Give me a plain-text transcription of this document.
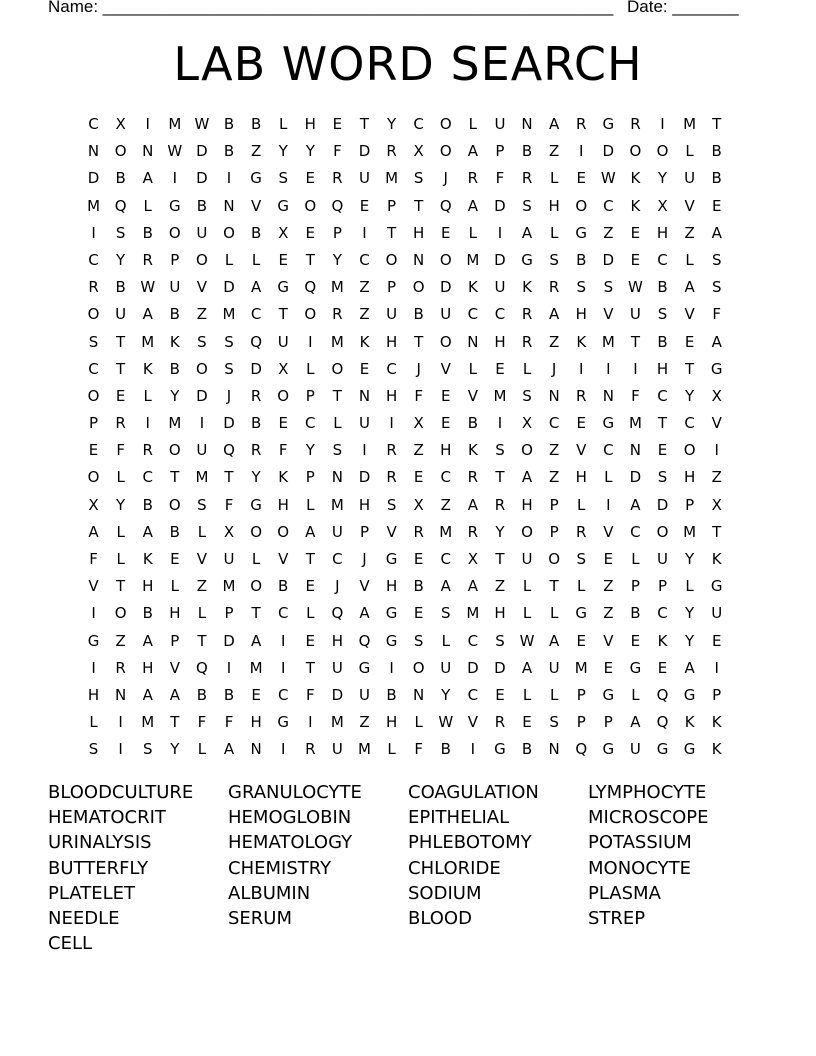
Name: ______________________________________________________ Date: _______
LAB WORD SEARCH
C	X	I	M W B	B	L	H	E	T	Y	C	O	L	U	N	A	R	G	R	I	M	T
N	O	N W D	B	Z	Y	Y	F	D	R	X	O	A	P	B	Z	I	D	O	O	L	B
D	B	A	I	D	I	G	S	E	R	U	M	S	J	R	F	R	L	E W K	Y	U	B
M Q	L	G	B	N	V	G	O	Q	E	P	T	Q	A	D	S	H	O	C	K	X	V	E
I	S	B	O	U	O	B	X	E	P	I	T	H	E	L	I	A	L	G	Z	E	H	Z	A
C	Y	R	P	O	L	L	E	T	Y	C	O	N	O M D	G	S	B	D	E	C	L	S
R	B W U	V	D	A	G	Q M	Z	P	O	D	K	U	K	R	S	S W B	A	S
O	U	A	B	Z	M	C	T	O	R	Z	U	B	U	C	C	R	A	H	V	U	S	V	F
S	T	M	K	S	S	Q	U	I	M	K	H	T	O	N	H	R	Z	K	M	T	B	E	A
C	T	K	B	O	S	D	X	L	O	E	C	J	V	L	E	L	J	I	I	I	H	T	G
O	E	L	Y	D	J	R	O	P	T	N	H	F	E	V	M	S	N	R	N	F	C	Y	X
P	R	I	M	I	D	B	E	C	L	U	I	X	E	B	I	X	C	E	G M	T	C	V
E	F	R	O	U	Q	R	F	Y	S	I	R	Z	H	K	S	O	Z	V	C	N	E	O	I
O	L	C	T	M	T	Y	K	P	N	D	R	E	C	R	T	A	Z	H	L	D	S	H	Z
X	Y	B	O	S	F	G	H	L	M H	S	X	Z	A	R	H	P	L	I	A	D	P	X
A	L	A	B	L	X	O	O	A	U	P	V	R	M	R	Y	O	P	R	V	C	O M	T
F	L	K	E	V	U	L	V	T	C	J	G	E	C	X	T	U	O	S	E	L	U	Y	K
V	T	H	L	Z	M O	B	E	J	V	H	B	A	A	Z	L	T	L	Z	P	P	L	G
I	O	B	H	L	P	T	C	L	Q	A	G	E	S	M H	L	L	G	Z	B	C	Y	U
G	Z	A	P	T	D	A	I	E	H	Q	G	S	L	C	S W A	E	V	E	K	Y	E
I	R	H	V	Q	I	M	I	T	U	G	I	O	U	D	D	A	U	M	E	G	E	A	I
H	N	A	A	B	B	E	C	F	D	U	B	N	Y	C	E	L	L	P	G	L	Q	G	P
L	I	M	T	F	F	H	G	I	M	Z	H	L	W V	R	E	S	P	P	A	Q	K	K
S	I	S	Y	L	A	N	I	R	U	M	L	F	B	I	G	B	N	Q	G	U	G	G	K
BLOODCULTURE	GRANULOCYTE	COAGULATION	LYMPHOCYTE
HEMATOCRIT	HEMOGLOBIN	EPITHELIAL	MICROSCOPE
URINALYSIS	HEMATOLOGY	PHLEBOTOMY	POTASSIUM
BUTTERFLY	CHEMISTRY	CHLORIDE	MONOCYTE
PLATELET	ALBUMIN	SODIUM	PLASMA
NEEDLE	SERUM	BLOOD	STREP
CELL
